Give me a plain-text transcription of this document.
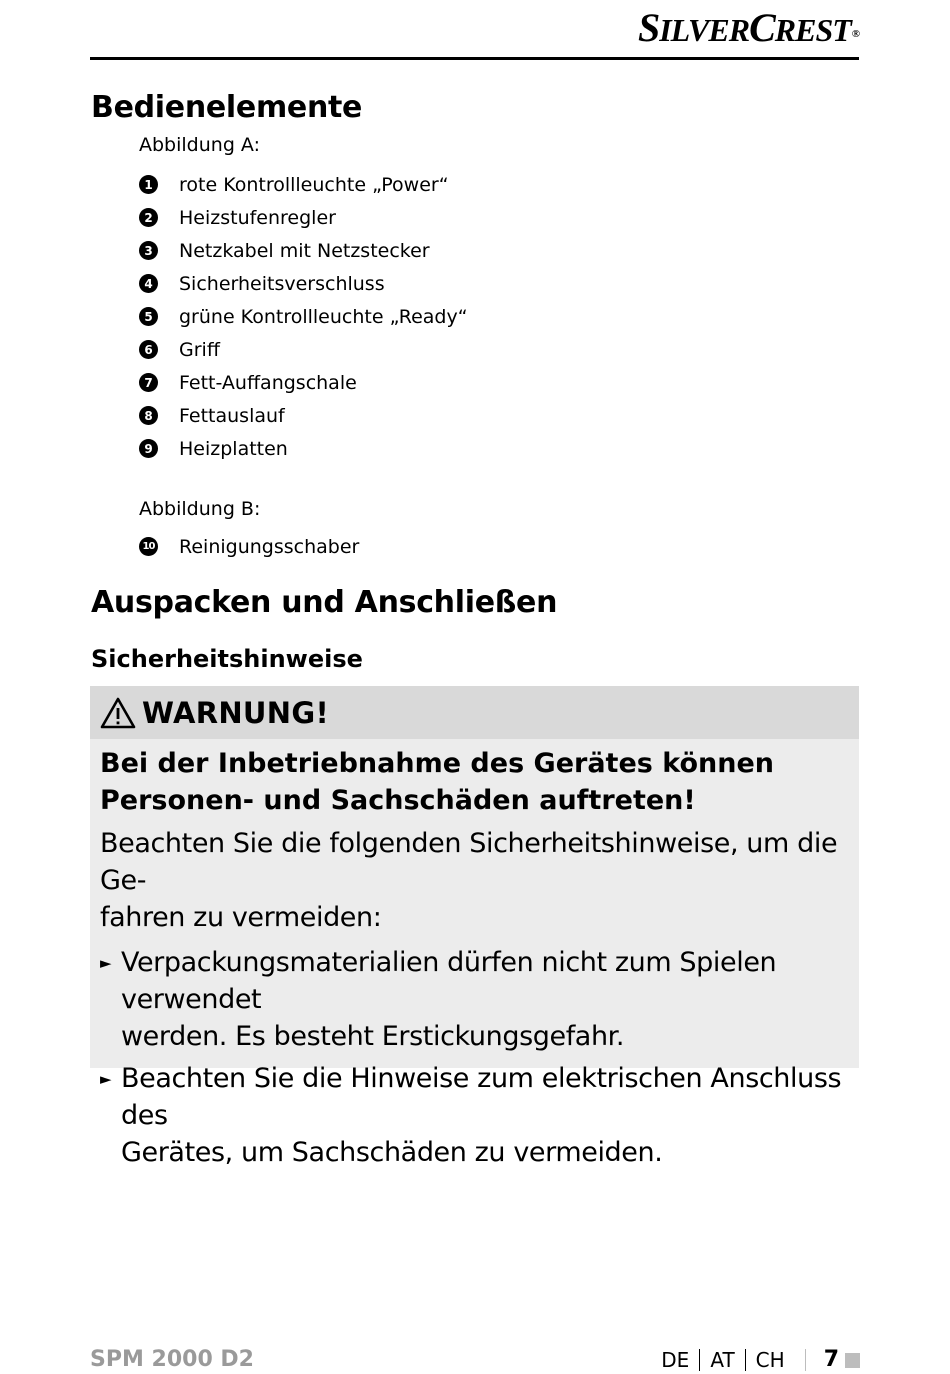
SILVERCREST®
Bedienelemente
Abbildung A:
1 rote Kontrollleuchte „Power“
2 Heizstufenregler
3 Netzkabel mit Netzstecker
4 Sicherheitsverschluss
5 grüne Kontrollleuchte „Ready“
6 Griff
7 Fett-Auffangschale
8 Fettauslauf
9 Heizplatten
Abbildung B:
10 Reinigungsschaber
Auspacken und Anschließen
Sicherheitshinweise
WARNUNG!
Bei der Inbetriebnahme des Gerätes können
Personen- und Sachschäden auftreten!
Beachten Sie die folgenden Sicherheitshinweise, um die Ge-
fahren zu vermeiden:
► Verpackungsmaterialien dürfen nicht zum Spielen verwendet
werden. Es besteht Erstickungsgefahr.
► Beachten Sie die Hinweise zum elektrischen Anschluss des
Gerätes, um Sachschäden zu vermeiden.
SPM 2000 D2	DE AT CH 7
